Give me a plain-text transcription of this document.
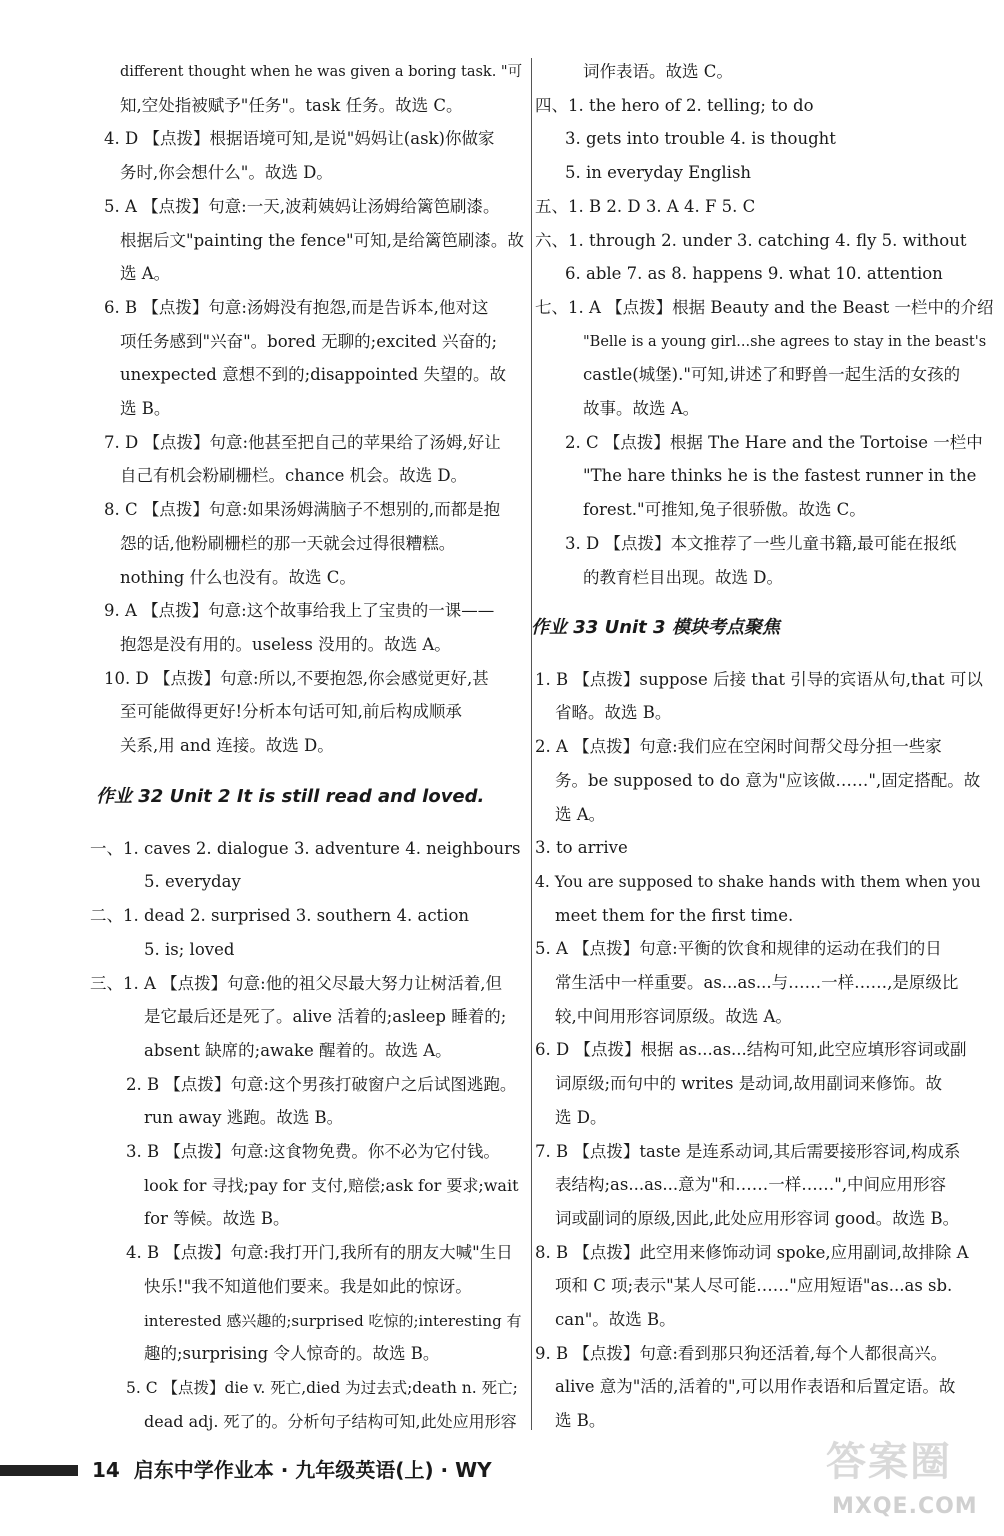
different thought when he was given a boring task. "可
知,空处指被赋予"任务"。task 任务。故选 C。
4. D 【点拨】根据语境可知,是说"妈妈让(ask)你做家
务时,你会想什么"。故选 D。
5. A 【点拨】句意:一天,波莉姨妈让汤姆给篱笆刷漆。
根据后文"painting the fence"可知,是给篱笆刷漆。故
选 A。
6. B 【点拨】句意:汤姆没有抱怨,而是告诉本,他对这
项任务感到"兴奋"。bored 无聊的;excited 兴奋的;
unexpected 意想不到的;disappointed 失望的。故
选 B。
7. D 【点拨】句意:他甚至把自己的苹果给了汤姆,好让
自己有机会粉刷栅栏。chance 机会。故选 D。
8. C 【点拨】句意:如果汤姆满脑子不想别的,而都是抱
怨的话,他粉刷栅栏的那一天就会过得很糟糕。
nothing 什么也没有。故选 C。
9. A 【点拨】句意:这个故事给我上了宝贵的一课——
抱怨是没有用的。useless 没用的。故选 A。
10. D 【点拨】句意:所以,不要抱怨,你会感觉更好,甚
至可能做得更好!分析本句话可知,前后构成顺承
关系,用 and 连接。故选 D。
作业 32 Unit 2 It is still read and loved.
一、1. caves 2. dialogue 3. adventure 4. neighbours
5. everyday
二、1. dead 2. surprised 3. southern 4. action
5. is; loved
三、1. A 【点拨】句意:他的祖父尽最大努力让树活着,但
是它最后还是死了。alive 活着的;asleep 睡着的;
absent 缺席的;awake 醒着的。故选 A。
2. B 【点拨】句意:这个男孩打破窗户之后试图逃跑。
run away 逃跑。故选 B。
3. B 【点拨】句意:这食物免费。你不必为它付钱。
look for 寻找;pay for 支付,赔偿;ask for 要求;wait
for 等候。故选 B。
4. B 【点拨】句意:我打开门,我所有的朋友大喊"生日
快乐!"我不知道他们要来。我是如此的惊讶。
interested 感兴趣的;surprised 吃惊的;interesting 有
趣的;surprising 令人惊奇的。故选 B。
5. C 【点拨】die v. 死亡,died 为过去式;death n. 死亡;
dead adj. 死了的。分析句子结构可知,此处应用形容
词作表语。故选 C。
四、1. the hero of 2. telling; to do
3. gets into trouble 4. is thought
5. in everyday English
五、1. B 2. D 3. A 4. F 5. C
六、1. through 2. under 3. catching 4. fly 5. without
6. able 7. as 8. happens 9. what 10. attention
七、1. A 【点拨】根据 Beauty and the Beast 一栏中的介绍
"Belle is a young girl...she agrees to stay in the beast's
castle(城堡)."可知,讲述了和野兽一起生活的女孩的
故事。故选 A。
2. C 【点拨】根据 The Hare and the Tortoise 一栏中
"The hare thinks he is the fastest runner in the
forest."可推知,兔子很骄傲。故选 C。
3. D 【点拨】本文推荐了一些儿童书籍,最可能在报纸
的教育栏目出现。故选 D。
作业 33 Unit 3 模块考点聚焦
1. B 【点拨】suppose 后接 that 引导的宾语从句,that 可以
省略。故选 B。
2. A 【点拨】句意:我们应在空闲时间帮父母分担一些家
务。be supposed to do 意为"应该做……",固定搭配。故
选 A。
3. to arrive
4. You are supposed to shake hands with them when you
meet them for the first time.
5. A 【点拨】句意:平衡的饮食和规律的运动在我们的日
常生活中一样重要。as...as...与……一样……,是原级比
较,中间用形容词原级。故选 A。
6. D 【点拨】根据 as...as...结构可知,此空应填形容词或副
词原级;而句中的 writes 是动词,故用副词来修饰。故
选 D。
7. B 【点拨】taste 是连系动词,其后需要接形容词,构成系
表结构;as...as...意为"和……一样……",中间应用形容
词或副词的原级,因此,此处应用形容词 good。故选 B。
8. B 【点拨】此空用来修饰动词 spoke,应用副词,故排除 A
项和 C 项;表示"某人尽可能……"应用短语"as...as sb.
can"。故选 B。
9. B 【点拨】句意:看到那只狗还活着,每个人都很高兴。
alive 意为"活的,活着的",可以用作表语和后置定语。故
选 B。
14 启东中学作业本 · 九年级英语(上) · WY	答案圈
MXQE.COM
